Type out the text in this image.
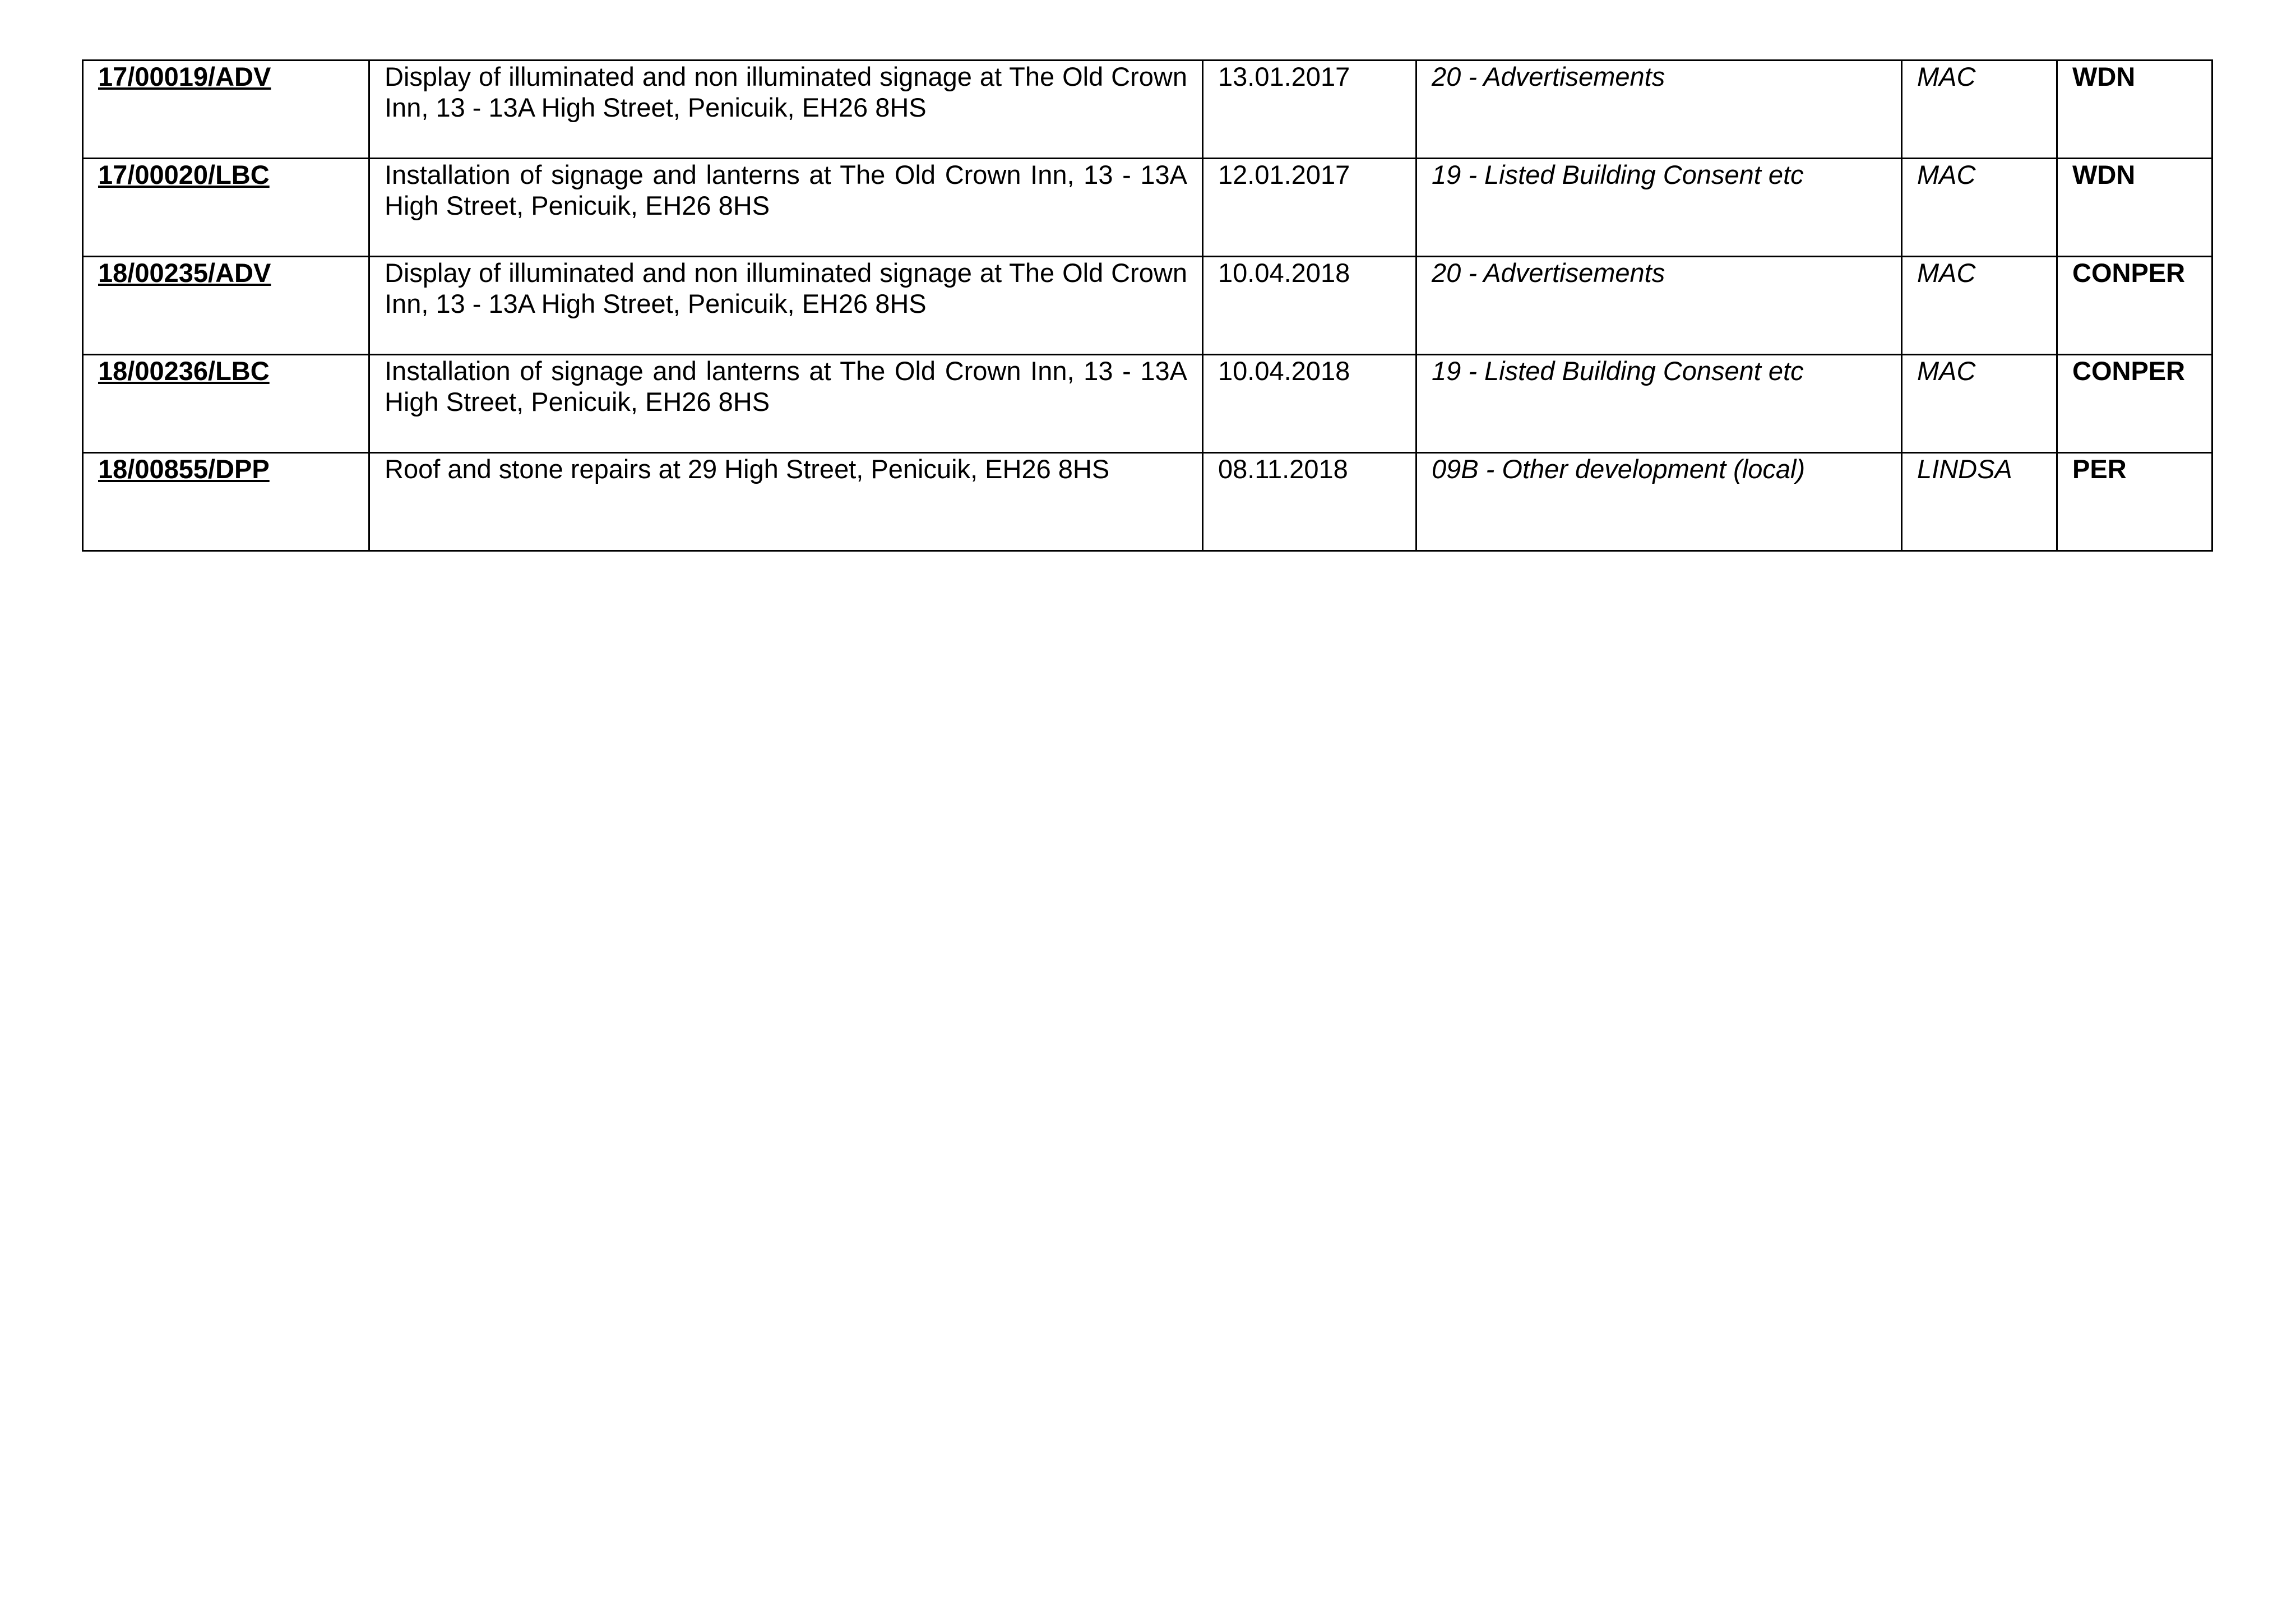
17/00019/ADV	Display of illuminated and non illuminated signage at The Old Crown Inn, 13 - 13A High Street, Penicuik, EH26 8HS	13.01.2017	20 - Advertisements	MAC	WDN
17/00020/LBC	Installation of signage and lanterns at The Old Crown Inn, 13 - 13A High Street, Penicuik, EH26 8HS	12.01.2017	19 - Listed Building Consent etc	MAC	WDN
18/00235/ADV	Display of illuminated and non illuminated signage at The Old Crown Inn, 13 - 13A High Street, Penicuik, EH26 8HS	10.04.2018	20 - Advertisements	MAC	CONPER
18/00236/LBC	Installation of signage and lanterns at The Old Crown Inn, 13 - 13A High Street, Penicuik, EH26 8HS	10.04.2018	19 - Listed Building Consent etc	MAC	CONPER
18/00855/DPP	Roof and stone repairs at 29 High Street, Penicuik, EH26 8HS	08.11.2018	09B - Other development (local)	LINDSA	PER
